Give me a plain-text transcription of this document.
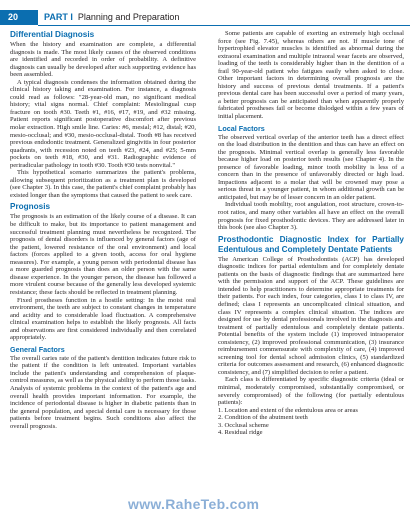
20	PART I Planning and Preparation
Differential Diagnosis

When the history and examination are complete, a differential diagnosis is made. The most likely causes of the observed conditions are identified and recorded in order of probability. A definitive diagnosis can usually be developed after such supporting evidence has been assembled.

A typical diagnosis condenses the information obtained during the clinical history taking and examination. For instance, a diagnosis could read as follows: "28-year-old man, no significant medical history; vital signs normal. Chief complaint: Mesiolingual cusp fracture on tooth #30. Teeth #1, #16, #17, #19, and #32 missing. Patient reports significant postoperative discomfort after previous molar extraction. High smile line. Caries: #6, mesial; #12, distal; #20, mesio-occlusal; and #30, mesio-occlusal-distal. Tooth #8 has received previous endodontic treatment. Generalized gingivitis in four posterior quadrants, with recession noted on teeth #23, #24, and #25; 5-mm pockets on teeth #18, #30, and #31. Radiographic evidence of periradicular pathology in tooth #30. Tooth #30 tests nonvital."

This hypothetical scenario summarizes the patient's problems, allowing subsequent prioritization as a treatment plan is developed (see Chapter 3). In this case, the patient's chief complaint probably has existed longer than the symptoms that caused the patient to seek care.

Prognosis

The prognosis is an estimation of the likely course of a disease. It can be difficult to make, but its importance to patient management and successful treatment planning must nevertheless be recognized. The prognosis of dental disorders is influenced by general factors (age of the patient, lowered resistance of the oral environment) and local factors (forces applied to a given tooth, access for oral hygiene measures). For example, a young person with periodontal disease has a more guarded prognosis than does an older person with the same disease experience. In the younger person, the disease has followed a more virulent course because of the generally less developed systemic resistance; these facts should be reflected in treatment planning.

Fixed prostheses function in a hostile setting: In the moist oral environment, the teeth are subject to constant changes in temperature and acidity and to considerable load fluctuation. A comprehensive clinical examination helps to establish the likely prognosis. All facts and observations are first considered individually and then correlated appropriately.

General Factors

The overall caries rate of the patient's dentition indicates future risk to the patient if the condition is left untreated. Important variables include the patient's understanding and comprehension of plaque-control measures, as well as the physical ability to perform those tasks. Analysis of systemic problems in the context of the patient's age and overall health provides important information. For example, the incidence of periodontal disease is higher in diabetic patients than in the general population, and special dental care is necessary for those patients before treatment begins. Such conditions also affect the overall prognosis.

Some patients are capable of exerting an extremely high occlusal force (see Fig. 7.45), whereas others are not. If muscle tone of hypertrophied elevator muscles is identified as abnormal during the extraoral examination and multiple intraoral wear facets are observed, loading of the teeth is considerably higher than in the dentition of a frail 90-year-old patient who fatigues easily when asked to close. Other important factors in determining overall prognosis are the history and success of previous dental treatments. If a patient's previous dental care has been successful over a period of many years, a better prognosis can be anticipated than when apparently properly fabricated prostheses fail or become dislodged within a few years of initial placement.

Local Factors

The observed vertical overlap of the anterior teeth has a direct effect on the load distribution in the dentition and thus can have an effect on the prognosis. Minimal vertical overlap is generally less favorable because higher load on posterior teeth results (see Chapter 4). In the presence of favorable loading, minor tooth mobility is less of a concern than in the presence of unfavorably directed or high load. Impactions adjacent to a molar that will be crowned may pose a serious threat in a younger patient, in whom additional growth can be anticipated, but may be of lesser concern in an older patient.

Individual tooth mobility, root angulation, root structure, crown-to-root ratios, and many other variables all have an effect on the overall prognosis for fixed prosthodontic devices. They are addressed later in this book (see also Chapter 3).

Prosthodontic Diagnostic Index for Partially Edentulous and Completely Dentate Patients

The American College of Prosthodontists (ACP) has developed diagnostic indices for partial edentulism and for completely dentate patients on the basis of diagnostic findings that are summarized here with the permission and support of the ACP. These guidelines are intended to help practitioners to determine appropriate treatments for their patients. For each index, four categories, class I to class IV, are defined; class I represents an uncomplicated clinical situation, and class IV represents a complex clinical situation. The indices are designed for use by dental professionals involved in the diagnosis and treatment of partially edentulous and completely dentate patients. Potential benefits of the system include (1) improved intraoperator consistency, (2) improved professional communication, (3) insurance reimbursement commensurate with complexity of care, (4) improved screening tool for dental school admission clinics, (5) standardized criteria for outcomes assessment and research, (6) enhanced diagnostic consistency, and (7) simplified decision to refer a patient.

Each class is differentiated by specific diagnostic criteria (ideal or minimal, moderately compromised, substantially compromised, or severely compromised) of the following (for partially edentulous patients):

1. Location and extent of the edentulous area or areas
2. Condition of the abutment teeth
3. Occlusal scheme
4. Residual ridge
www.RaheTeb.com
